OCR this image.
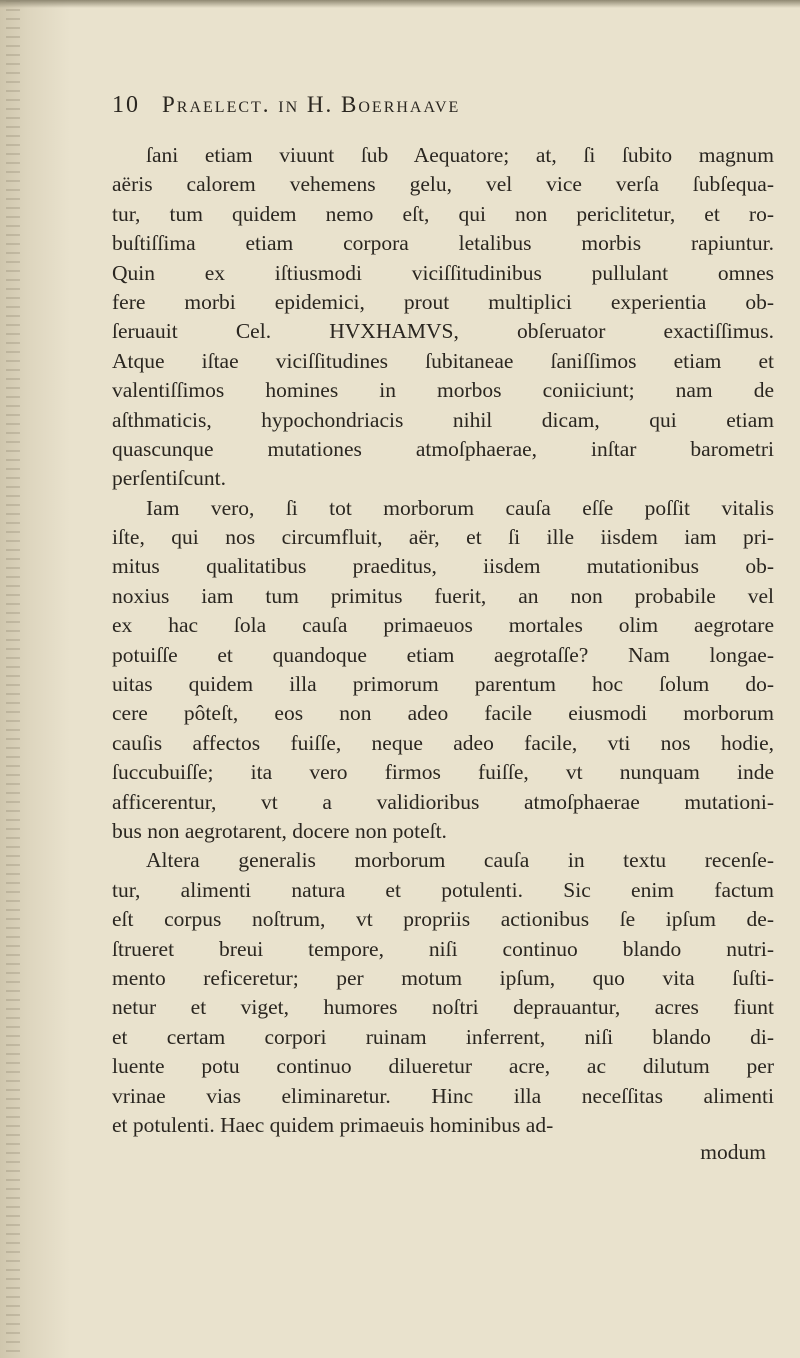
10 Praelect. in H. Boerhaave
ſani etiam viuunt ſub Aequatore; at, ſi ſubito magnum
aëris calorem vehemens gelu, vel vice verſa ſubſequa-
tur, tum quidem nemo eſt, qui non periclitetur, et ro-
buſtiſſima etiam corpora letalibus morbis rapiuntur.
Quin ex iſtiusmodi viciſſitudinibus pullulant omnes
fere morbi epidemici, prout multiplici experientia ob-
ſeruauit Cel. HVXHAMVS, obſeruator exactiſſimus.
Atque iſtae viciſſitudines ſubitaneae ſaniſſimos etiam et
valentiſſimos homines in morbos coniiciunt; nam de
aſthmaticis, hypochondriacis nihil dicam, qui etiam
quascunque mutationes atmoſphaerae, inſtar barometri
perſentiſcunt.
Iam vero, ſi tot morborum cauſa eſſe poſſit vitalis
iſte, qui nos circumfluit, aër, et ſi ille iisdem iam pri-
mitus qualitatibus praeditus, iisdem mutationibus ob-
noxius iam tum primitus fuerit, an non probabile vel
ex hac ſola cauſa primaeuos mortales olim aegrotare
potuiſſe et quandoque etiam aegrotaſſe? Nam longae-
uitas quidem illa primorum parentum hoc ſolum do-
cere pôteſt, eos non adeo facile eiusmodi morborum
cauſis affectos fuiſſe, neque adeo facile, vti nos hodie,
ſuccubuiſſe; ita vero firmos fuiſſe, vt nunquam inde
afficerentur, vt a validioribus atmoſphaerae mutationi-
bus non aegrotarent, docere non poteſt.
Altera generalis morborum cauſa in textu recenſe-
tur, alimenti natura et potulenti. Sic enim factum
eſt corpus noſtrum, vt propriis actionibus ſe ipſum de-
ſtrueret breui tempore, niſi continuo blando nutri-
mento reficeretur; per motum ipſum, quo vita ſuſti-
netur et viget, humores noſtri deprauantur, acres fiunt
et certam corpori ruinam inferrent, niſi blando di-
luente potu continuo dilueretur acre, ac dilutum per
vrinae vias eliminaretur. Hinc illa neceſſitas alimenti
et potulenti. Haec quidem primaeuis hominibus ad-
modum
